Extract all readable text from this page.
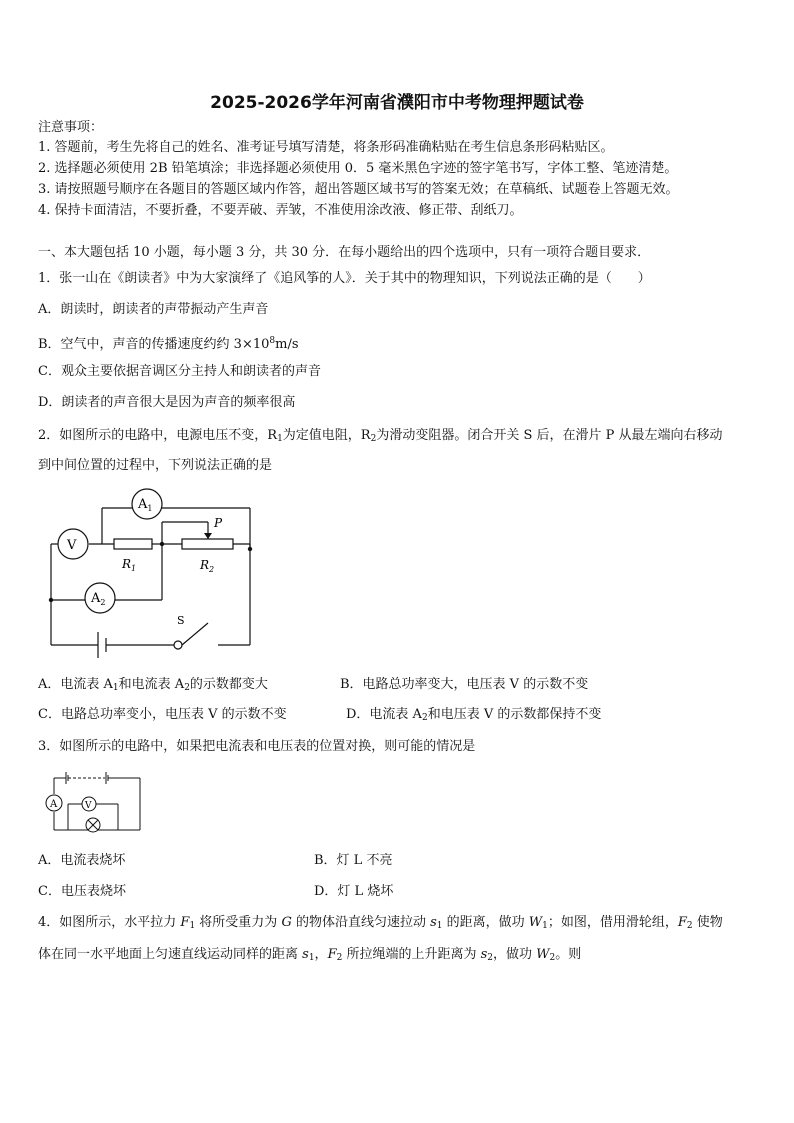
2025-2026学年河南省濮阳市中考物理押题试卷
注意事项：
1. 答题前，考生先将自己的姓名、准考证号填写清楚，将条形码准确粘贴在考生信息条形码粘贴区。
2. 选择题必须使用 2B 铅笔填涂；非选择题必须使用 0．5 毫米黑色字迹的签字笔书写，字体工整、笔迹清楚。
3. 请按照题号顺序在各题目的答题区域内作答，超出答题区域书写的答案无效；在草稿纸、试题卷上答题无效。
4. 保持卡面清洁，不要折叠，不要弄破、弄皱，不准使用涂改液、修正带、刮纸刀。
一、本大题包括 10 小题，每小题 3 分，共 30 分．在每小题给出的四个选项中，只有一项符合题目要求．
1．张一山在《朗读者》中为大家演绎了《追风筝的人》．关于其中的物理知识，下列说法正确的是（　　）
A．朗读时，朗读者的声带振动产生声音
B．空气中，声音的传播速度约约 $3\times 10^8m/s$
C．观众主要依据音调区分主持人和朗读者的声音
D．朗读者的声音很大是因为声音的频率很高
2．如图所示的电路中，电源电压不变，$R_1$为定值电阻，$R_2$为滑动变阻器。闭合开关 S 后，在滑片 P 从最左端向右移动
到中间位置的过程中，下列说法正确的是
$A_1$
V
$A_2$
$R_1$	$R_2$
P
S
A．电流表 $A_1$和电流表 $A_2$的示数都变大	B．电路总功率变大，电压表 V 的示数不变
C．电路总功率变小，电压表 V 的示数不变	D．电流表 $A_2$和电压表 V 的示数都保持不变
3．如图所示的电路中，如果把电流表和电压表的位置对换，则可能的情况是
A	V
A．电流表烧坏	B．灯 L 不亮
C．电压表烧坏	D．灯 L 烧坏
4．如图所示，水平拉力 $F_1$ 将所受重力为 G 的物体沿直线匀速拉动 $s_1$ 的距离，做功 $W_1$；如图，借用滑轮组，$F_2$ 使物
体在同一水平地面上匀速直线运动同样的距离 $s_1$，$F_2$ 所拉绳端的上升距离为 $s_2$，做功 $W_2$。则
